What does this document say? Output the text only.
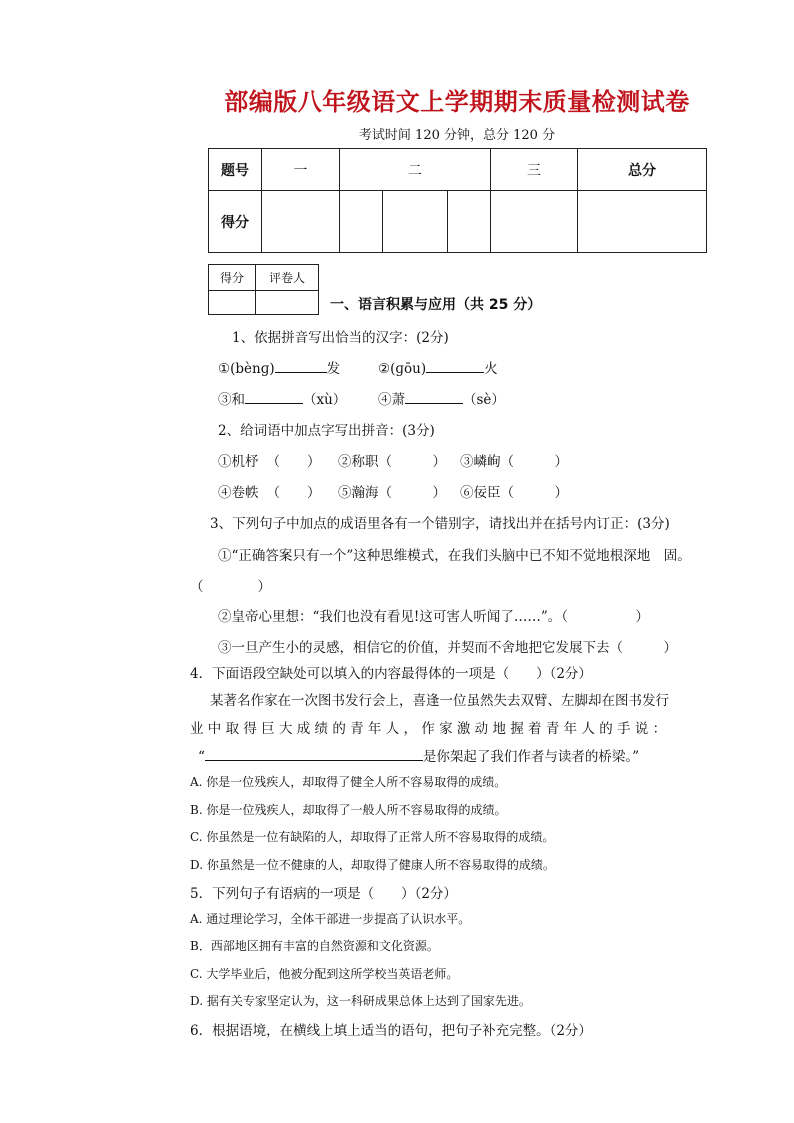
部编版八年级语文上学期期末质量检测试卷
考试时间 120 分钟，总分 120 分
题号	一	二			三	总分
得分						
得分	评卷人

一、语言积累与应用（共 25 分）
1、依据拼音写出恰当的汉字：(2分)
①(bènɡ)	发	②(ɡōu)	火
③和	（xù） ④萧	（sè）
2、给词语中加点字写出拼音：(3分)
①机杼 （　　） ②称职（　　　） ③嶙峋（　　　）
④卷帙 （　　） ⑤瀚海（　　　） ⑥佞臣（　　　）
3、下列句子中加点的成语里各有一个错别字，请找出并在括号内订正：(3分)
①“正确答案只有一个”这种思维模式，在我们头脑中已不知不觉地根深地　固。
（　　　　）
②皇帝心里想：“我们也没有看见!这可害人听闻了……”。（　　　　　）
③一旦产生小的灵感，相信它的价值，并契而不舍地把它发展下去（　　　）
4．下面语段空缺处可以填入的内容最得体的一项是（　　）（2分）
某著名作家在一次图书发行会上，喜逢一位虽然失去双臂、左脚却在图书发行
业 中 取 得 巨 大 成 绩 的 青 年 人 ， 作 家 激 动 地 握 着 青 年 人 的 手 说 ：
“	是你架起了我们作者与读者的桥梁。”
A. 你是一位残疾人，却取得了健全人所不容易取得的成绩。
B. 你是一位残疾人，却取得了一般人所不容易取得的成绩。
C. 你虽然是一位有缺陷的人，却取得了正常人所不容易取得的成绩。
D. 你虽然是一位不健康的人，却取得了健康人所不容易取得的成绩。
5．下列句子有语病的一项是（　　）（2分）
A. 通过理论学习，全体干部进一步提高了认识水平。
B．西部地区拥有丰富的自然资源和文化资源。
C. 大学毕业后，他被分配到这所学校当英语老师。
D. 据有关专家坚定认为，这一科研成果总体上达到了国家先进。
6．根据语境，在横线上填上适当的语句，把句子补充完整。（2分）
